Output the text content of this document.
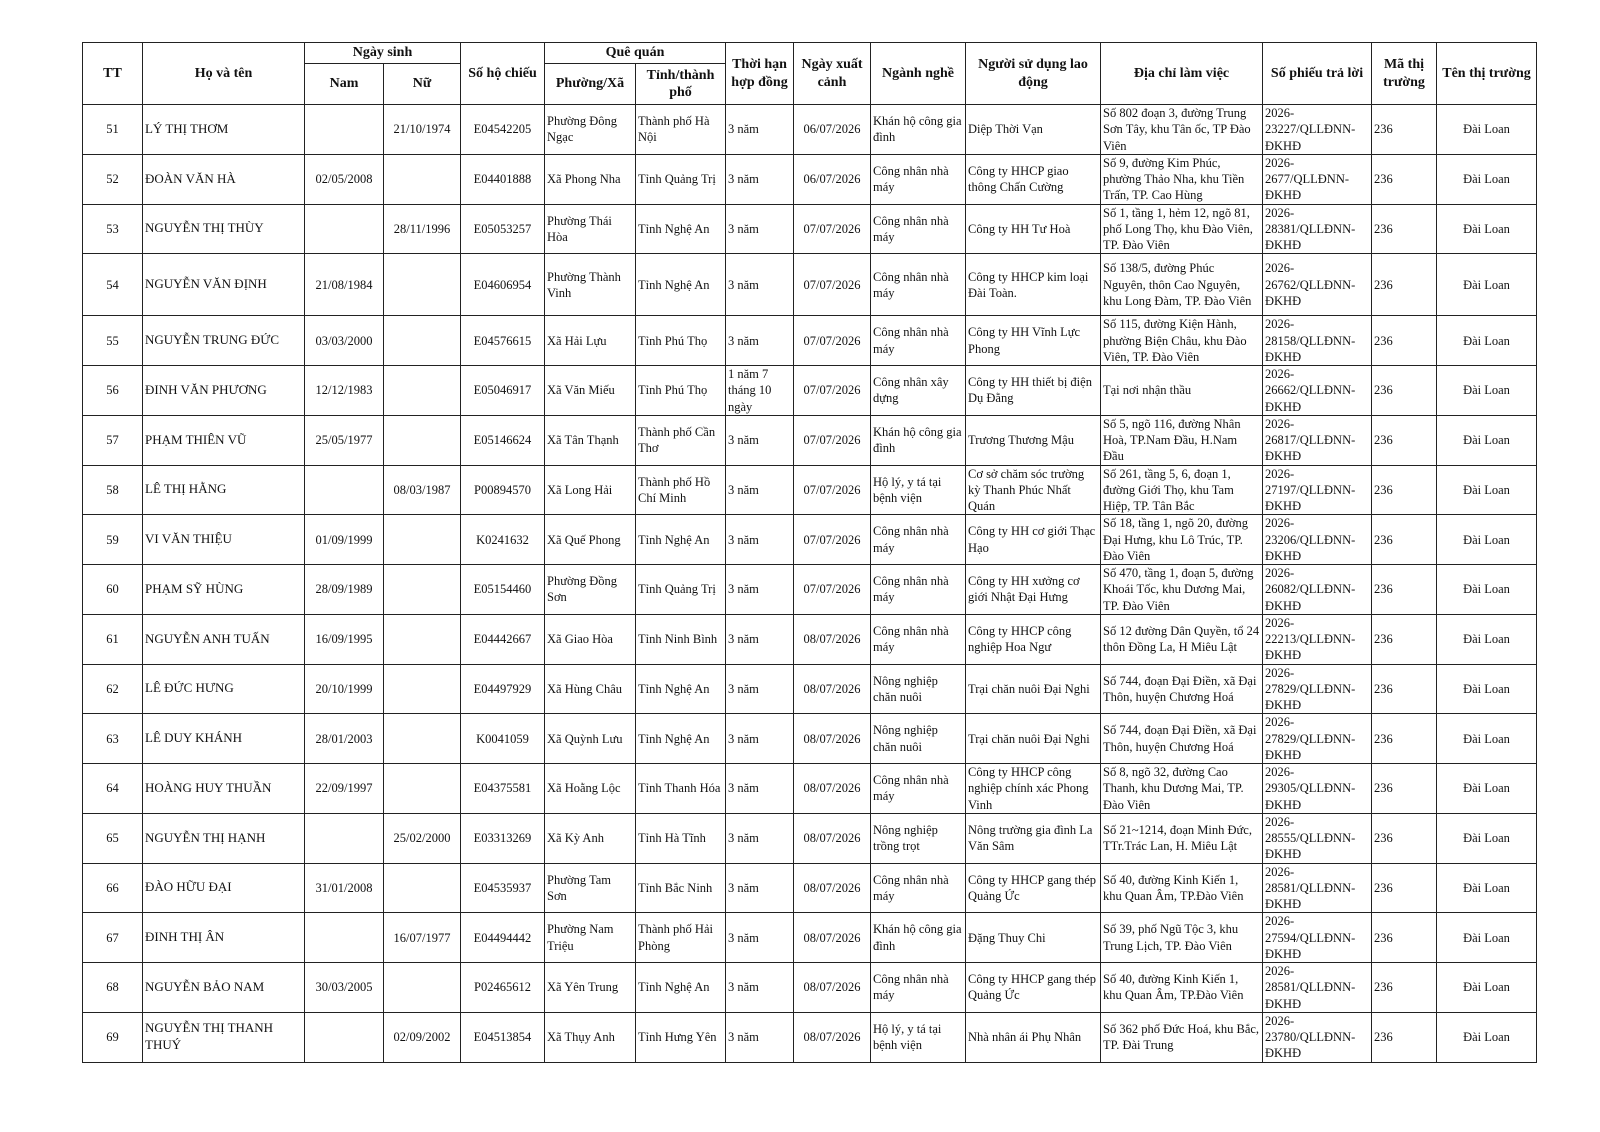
TT	Họ và tên	Ngày sinh		Số hộ chiếu	Quê quán		Thời hạn hợp đồng	Ngày xuất cảnh	Ngành nghề	Người sử dụng lao động	Địa chỉ làm việc	Số phiếu trả lời	Mã thị trường	Tên thị trường
		Nam	Nữ		Phường/Xã	Tỉnh/thành phố								
51	LÝ THỊ THƠM		21/10/1974	E04542205	Phường Đông Ngạc	Thành phố Hà Nội	3 năm	06/07/2026	Khán hộ công gia đình	Diệp Thời Vạn	Số 802 đoạn 3, đường Trung Sơn Tây, khu Tân ốc, TP Đào Viên	2026-23227/QLLĐNN-ĐKHĐ	236	Đài Loan
52	ĐOÀN VĂN HÀ	02/05/2008		E04401888	Xã Phong Nha	Tỉnh Quảng Trị	3 năm	06/07/2026	Công nhân nhà máy	Công ty HHCP giao thông Chấn Cường	Số 9, đường Kim Phúc, phường Thảo Nha, khu Tiền Trấn, TP. Cao Hùng	2026-2677/QLLĐNN-ĐKHĐ	236	Đài Loan
53	NGUYỄN THỊ THÙY		28/11/1996	E05053257	Phường Thái Hòa	Tỉnh Nghệ An	3 năm	07/07/2026	Công nhân nhà máy	Công ty HH Tư Hoà	Số 1, tầng 1, hẻm 12, ngõ 81, phố Long Thọ, khu Đào Viên, TP. Đào Viên	2026-28381/QLLĐNN-ĐKHĐ	236	Đài Loan
54	NGUYỄN VĂN ĐỊNH	21/08/1984		E04606954	Phường Thành Vinh	Tỉnh Nghệ An	3 năm	07/07/2026	Công nhân nhà máy	Công ty HHCP kim loại Đài Toàn.	Số 138/5, đường Phúc Nguyên, thôn Cao Nguyên, khu Long Đàm, TP. Đào Viên	2026-26762/QLLĐNN-ĐKHĐ	236	Đài Loan
55	NGUYỄN TRUNG ĐỨC	03/03/2000		E04576615	Xã Hải Lựu	Tỉnh Phú Thọ	3 năm	07/07/2026	Công nhân nhà máy	Công ty HH Vĩnh Lực Phong	Số 115, đường Kiện Hành, phường Biện Châu, khu Đào Viên, TP. Đào Viên	2026-28158/QLLĐNN-ĐKHĐ	236	Đài Loan
56	ĐINH VĂN PHƯƠNG	12/12/1983		E05046917	Xã Văn Miếu	Tỉnh Phú Thọ	1 năm 7 tháng 10 ngày	07/07/2026	Công nhân xây dựng	Công ty HH thiết bị điện Dụ Đằng	Tại nơi nhận thầu	2026-26662/QLLĐNN-ĐKHĐ	236	Đài Loan
57	PHẠM THIÊN VŨ	25/05/1977		E05146624	Xã Tân Thạnh	Thành phố Cần Thơ	3 năm	07/07/2026	Khán hộ công gia đình	Trương Thương Mậu	Số 5, ngõ 116, đường Nhân Hoà, TP.Nam Đầu, H.Nam Đầu	2026-26817/QLLĐNN-ĐKHĐ	236	Đài Loan
58	LÊ THỊ HẰNG		08/03/1987	P00894570	Xã Long Hải	Thành phố Hồ Chí Minh	3 năm	07/07/2026	Hộ lý, y tá tại bệnh viện	Cơ sở chăm sóc trường kỳ Thanh Phúc Nhất Quán	Số 261, tầng 5, 6, đoạn 1, đường Giới Thọ, khu Tam Hiệp, TP. Tân Bắc	2026-27197/QLLĐNN-ĐKHĐ	236	Đài Loan
59	VI VĂN THIỆU	01/09/1999		K0241632	Xã Quế Phong	Tỉnh Nghệ An	3 năm	07/07/2026	Công nhân nhà máy	Công ty HH cơ giới Thạc Hạo	Số 18, tầng 1, ngõ 20, đường Đại Hưng, khu Lô Trúc, TP. Đào Viên	2026-23206/QLLĐNN-ĐKHĐ	236	Đài Loan
60	PHẠM SỸ HÙNG	28/09/1989		E05154460	Phường Đồng Sơn	Tỉnh Quảng Trị	3 năm	07/07/2026	Công nhân nhà máy	Công ty HH xưởng cơ giới Nhật Đại Hưng	Số 470, tầng 1, đoạn 5, đường Khoái Tốc, khu Dương Mai, TP. Đào Viên	2026-26082/QLLĐNN-ĐKHĐ	236	Đài Loan
61	NGUYỄN ANH TUẤN	16/09/1995		E04442667	Xã Giao Hòa	Tỉnh Ninh Bình	3 năm	08/07/2026	Công nhân nhà máy	Công ty HHCP công nghiệp Hoa Ngư	Số 12 đường Dân Quyền, tổ 24 thôn Đồng La, H Miêu Lật	2026-22213/QLLĐNN-ĐKHĐ	236	Đài Loan
62	LÊ ĐỨC HƯNG	20/10/1999		E04497929	Xã Hùng Châu	Tỉnh Nghệ An	3 năm	08/07/2026	Nông nghiệp chăn nuôi	Trại chăn nuôi Đại Nghi	Số 744, đoạn Đại Điền, xã Đại Thôn, huyện Chương Hoá	2026-27829/QLLĐNN-ĐKHĐ	236	Đài Loan
63	LÊ DUY KHÁNH	28/01/2003		K0041059	Xã Quỳnh Lưu	Tỉnh Nghệ An	3 năm	08/07/2026	Nông nghiệp chăn nuôi	Trại chăn nuôi Đại Nghi	Số 744, đoạn Đại Điền, xã Đại Thôn, huyện Chương Hoá	2026-27829/QLLĐNN-ĐKHĐ	236	Đài Loan
64	HOÀNG HUY THUẦN	22/09/1997		E04375581	Xã Hoằng Lộc	Tỉnh Thanh Hóa	3 năm	08/07/2026	Công nhân nhà máy	Công ty HHCP công nghiệp chính xác Phong Vinh	Số 8, ngõ 32, đường Cao Thanh, khu Dương Mai, TP. Đào Viên	2026-29305/QLLĐNN-ĐKHĐ	236	Đài Loan
65	NGUYỄN THỊ HẠNH		25/02/2000	E03313269	Xã Kỳ Anh	Tỉnh Hà Tĩnh	3 năm	08/07/2026	Nông nghiệp trồng trọt	Nông trường gia đình La Văn Sâm	Số 21~1214, đoạn Minh Đức, TTr.Trác Lan, H. Miêu Lật	2026-28555/QLLĐNN-ĐKHĐ	236	Đài Loan
66	ĐÀO HỮU ĐẠI	31/01/2008		E04535937	Phường Tam Sơn	Tỉnh Bắc Ninh	3 năm	08/07/2026	Công nhân nhà máy	Công ty HHCP gang thép Quảng Ức	Số 40, đường Kinh Kiến 1, khu Quan Âm, TP.Đào Viên	2026-28581/QLLĐNN-ĐKHĐ	236	Đài Loan
67	ĐINH THỊ ÂN		16/07/1977	E04494442	Phường Nam Triệu	Thành phố Hải Phòng	3 năm	08/07/2026	Khán hộ công gia đình	Đặng Thuy Chi	Số 39, phố Ngũ Tộc 3, khu Trung Lịch, TP. Đào Viên	2026-27594/QLLĐNN-ĐKHĐ	236	Đài Loan
68	NGUYỄN BẢO NAM	30/03/2005		P02465612	Xã Yên Trung	Tỉnh Nghệ An	3 năm	08/07/2026	Công nhân nhà máy	Công ty HHCP gang thép Quảng Ức	Số 40, đường Kinh Kiến 1, khu Quan Âm, TP.Đào Viên	2026-28581/QLLĐNN-ĐKHĐ	236	Đài Loan
69	NGUYỄN THỊ THANH THUÝ		02/09/2002	E04513854	Xã Thụy Anh	Tỉnh Hưng Yên	3 năm	08/07/2026	Hộ lý, y tá tại bệnh viện	Nhà nhân ái Phụ Nhân	Số 362 phố Đức Hoá, khu Bắc, TP. Đài Trung	2026-23780/QLLĐNN-ĐKHĐ	236	Đài Loan
